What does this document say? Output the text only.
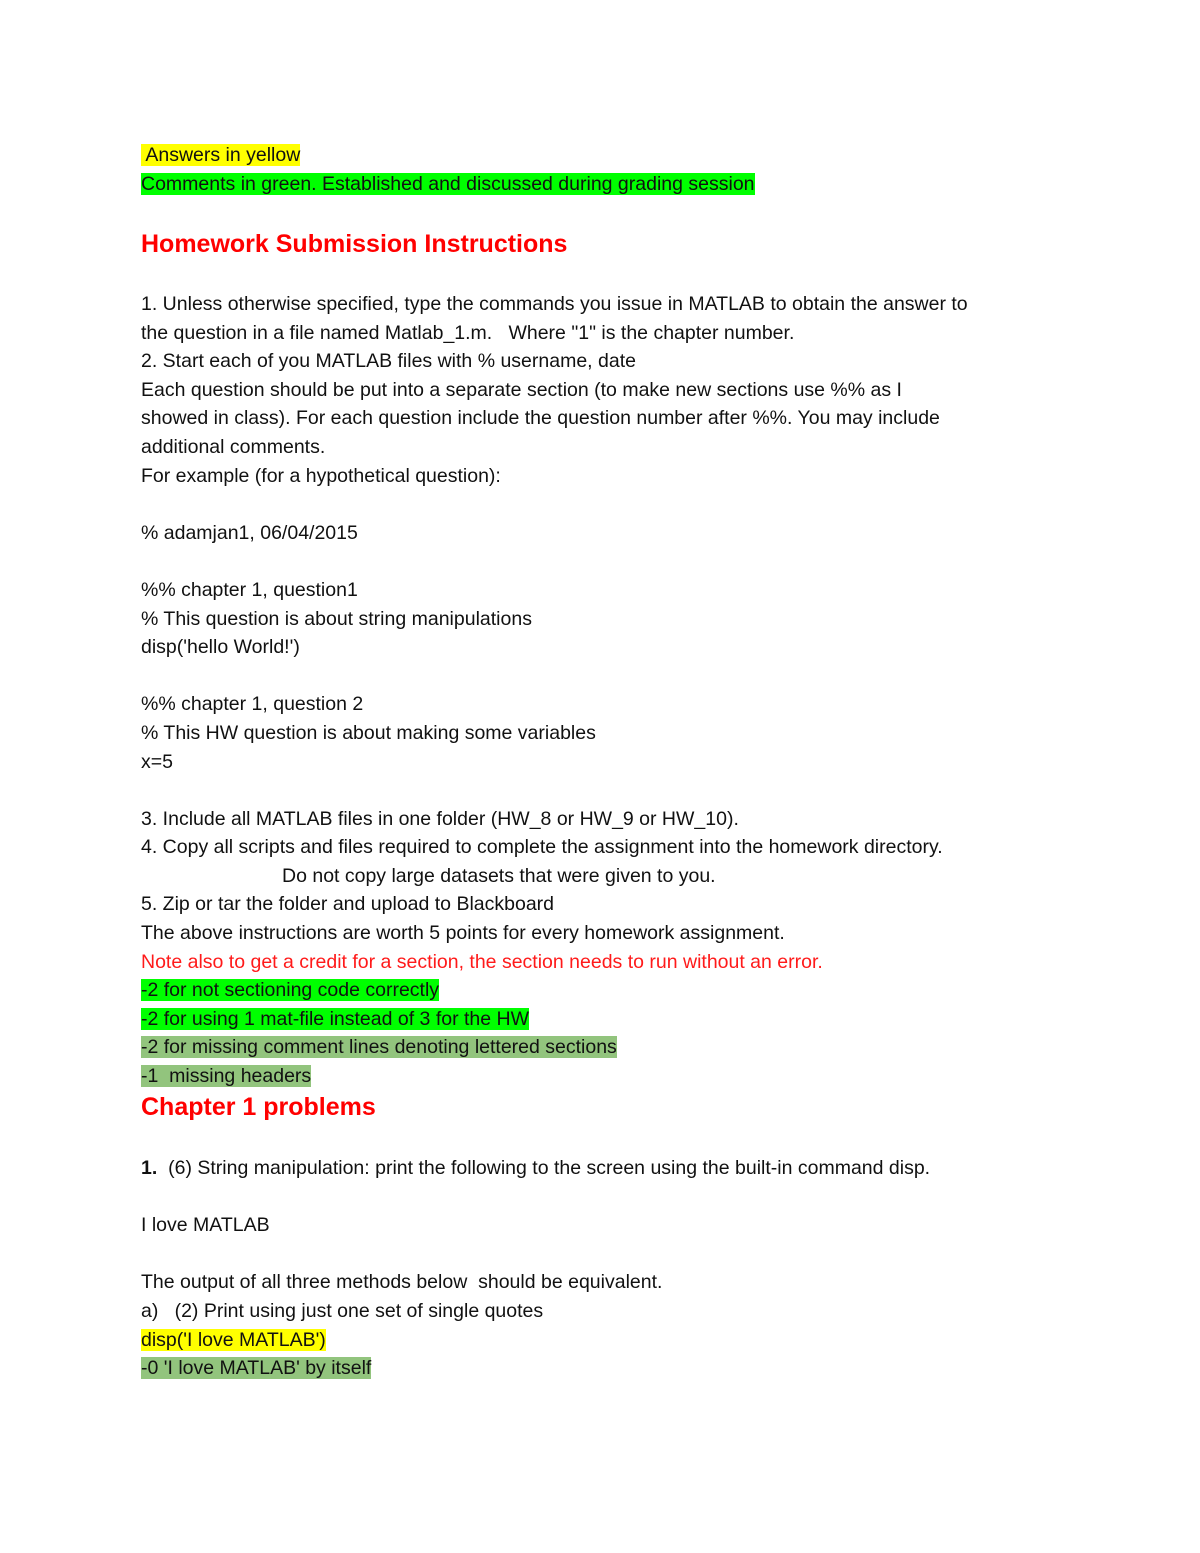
Answers in yellow

Comments in green. Established and discussed during grading session

Homework Submission Instructions

1. Unless otherwise specified, type the commands you issue in MATLAB to obtain the answer to

the question in a file named Matlab_1.m.   Where "1" is the chapter number.

2. Start each of you MATLAB files with % username, date

Each question should be put into a separate section (to make new sections use %% as I

showed in class). For each question include the question number after %%. You may include

additional comments.

For example (for a hypothetical question):

% adamjan1, 06/04/2015

%% chapter 1, question1

% This question is about string manipulations

disp('hello World!')

%% chapter 1, question 2

% This HW question is about making some variables

x=5

3. Include all MATLAB files in one folder (HW_8 or HW_9 or HW_10).

4. Copy all scripts and files required to complete the assignment into the homework directory.

Do not copy large datasets that were given to you.

5. Zip or tar the folder and upload to Blackboard

The above instructions are worth 5 points for every homework assignment.

Note also to get a credit for a section, the section needs to run without an error.

-2 for not sectioning code correctly

-2 for using 1 mat-file instead of 3 for the HW

-2 for missing comment lines denoting lettered sections

-1  missing headers

Chapter 1 problems

1.  (6) String manipulation: print the following to the screen using the built-in command disp.

I love MATLAB

The output of all three methods below  should be equivalent.

a)   (2) Print using just one set of single quotes

disp('I love MATLAB')

-0 'I love MATLAB' by itself
